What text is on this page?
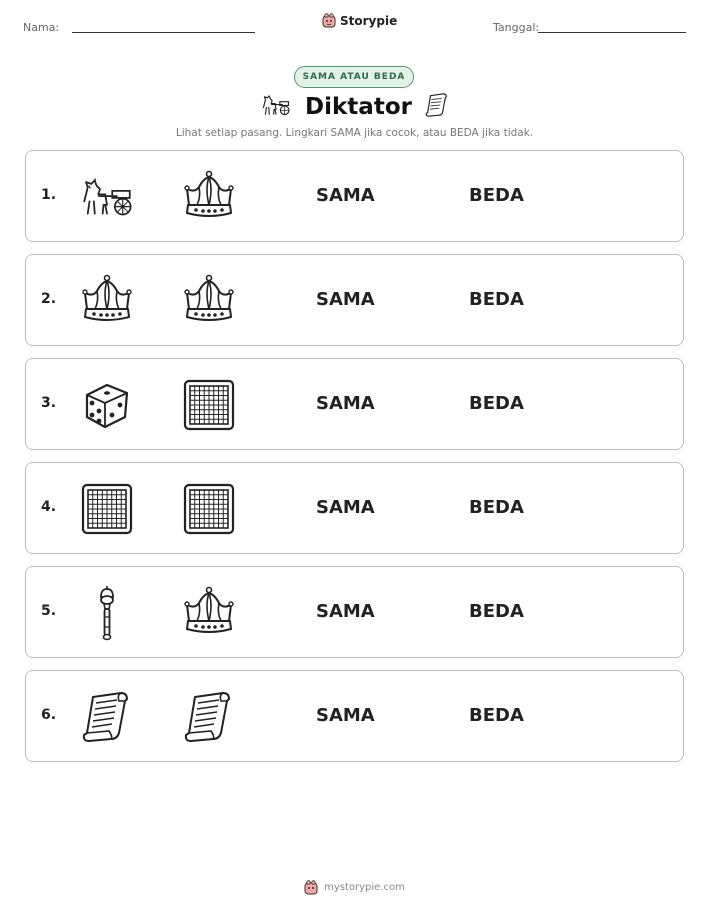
Nama:	Storypie	Tanggal:
SAMA ATAU BEDA
Diktator
Lihat setiap pasang. Lingkari SAMA jika cocok, atau BEDA jika tidak.
1.	SAMA	BEDA
2.	SAMA	BEDA
3.	SAMA	BEDA
4.	SAMA	BEDA
5.	SAMA	BEDA
6.	SAMA	BEDA
mystorypie.com
